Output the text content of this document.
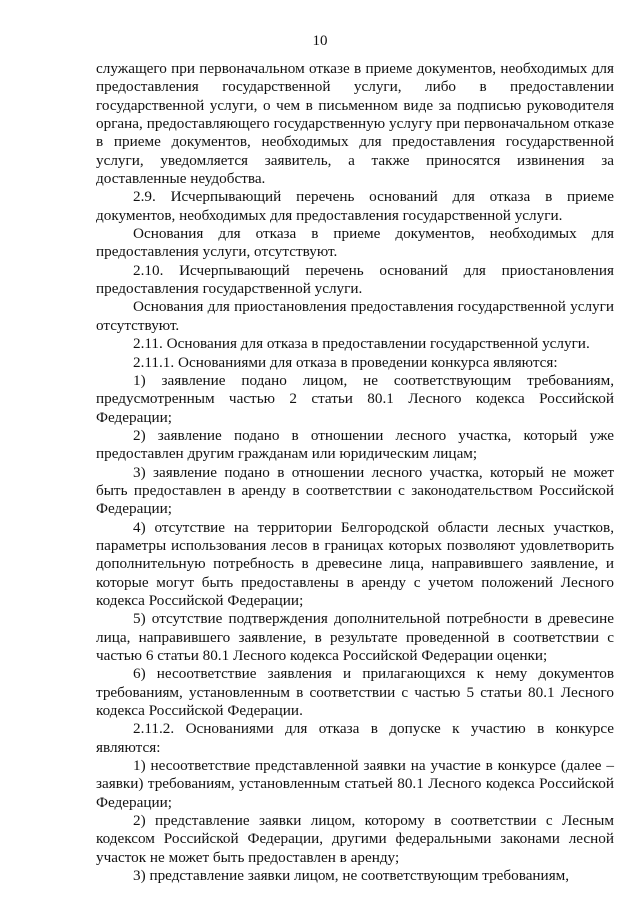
10

служащего при первоначальном отказе в приеме документов, необходимых для предоставления государственной услуги, либо в предоставлении государственной услуги, о чем в письменном виде за подписью руководителя органа, предоставляющего государственную услугу при первоначальном отказе в приеме документов, необходимых для предоставления государственной услуги, уведомляется заявитель, а также приносятся извинения за доставленные неудобства.

2.9. Исчерпывающий перечень оснований для отказа в приеме документов, необходимых для предоставления государственной услуги.

Основания для отказа в приеме документов, необходимых для предоставления услуги, отсутствуют.

2.10. Исчерпывающий перечень оснований для приостановления предоставления государственной услуги.

Основания для приостановления предоставления государственной услуги отсутствуют.

2.11. Основания для отказа в предоставлении государственной услуги.

2.11.1. Основаниями для отказа в проведении конкурса являются:

1) заявление подано лицом, не соответствующим требованиям, предусмотренным частью 2 статьи 80.1 Лесного кодекса Российской Федерации;

2) заявление подано в отношении лесного участка, который уже предоставлен другим гражданам или юридическим лицам;

3) заявление подано в отношении лесного участка, который не может быть предоставлен в аренду в соответствии с законодательством Российской Федерации;

4) отсутствие на территории Белгородской области лесных участков, параметры использования лесов в границах которых позволяют удовлетворить дополнительную потребность в древесине лица, направившего заявление, и которые могут быть предоставлены в аренду с учетом положений Лесного кодекса Российской Федерации;

5) отсутствие подтверждения дополнительной потребности в древесине лица, направившего заявление, в результате проведенной в соответствии с частью 6 статьи 80.1 Лесного кодекса Российской Федерации оценки;

6) несоответствие заявления и прилагающихся к нему документов требованиям, установленным в соответствии с частью 5 статьи 80.1 Лесного кодекса Российской Федерации.

2.11.2. Основаниями для отказа в допуске к участию в конкурсе являются:

1) несоответствие представленной заявки на участие в конкурсе (далее – заявки) требованиям, установленным статьей 80.1 Лесного кодекса Российской Федерации;

2) представление заявки лицом, которому в соответствии с Лесным кодексом Российской Федерации, другими федеральными законами лесной участок не может быть предоставлен в аренду;

3) представление заявки лицом, не соответствующим требованиям,
